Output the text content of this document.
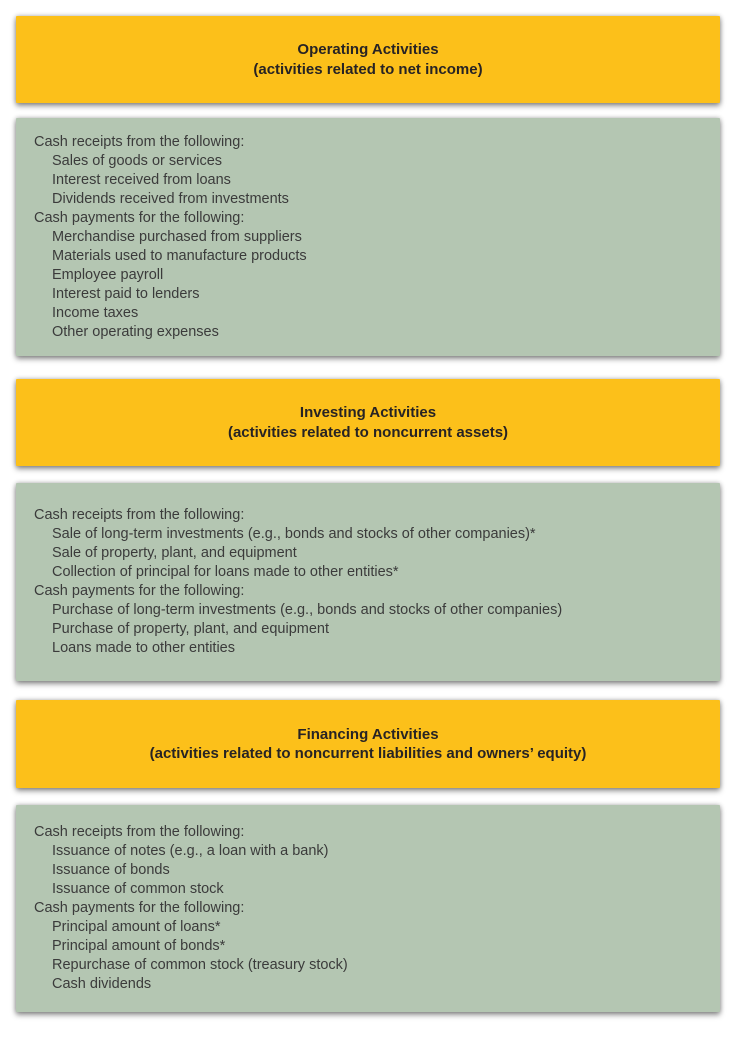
Operating Activities
(activities related to net income)

Cash receipts from the following:

Sales of goods or services

Interest received from loans

Dividends received from investments

Cash payments for the following:

Merchandise purchased from suppliers

Materials used to manufacture products

Employee payroll

Interest paid to lenders

Income taxes

Other operating expenses

Investing Activities
(activities related to noncurrent assets)

Cash receipts from the following:

Sale of long-term investments (e.g., bonds and stocks of other companies)*

Sale of property, plant, and equipment

Collection of principal for loans made to other entities*

Cash payments for the following:

Purchase of long-term investments (e.g., bonds and stocks of other companies)

Purchase of property, plant, and equipment

Loans made to other entities

Financing Activities
(activities related to noncurrent liabilities and owners’ equity)

Cash receipts from the following:

Issuance of notes (e.g., a loan with a bank)

Issuance of bonds

Issuance of common stock

Cash payments for the following:

Principal amount of loans*

Principal amount of bonds*

Repurchase of common stock (treasury stock)

Cash dividends
